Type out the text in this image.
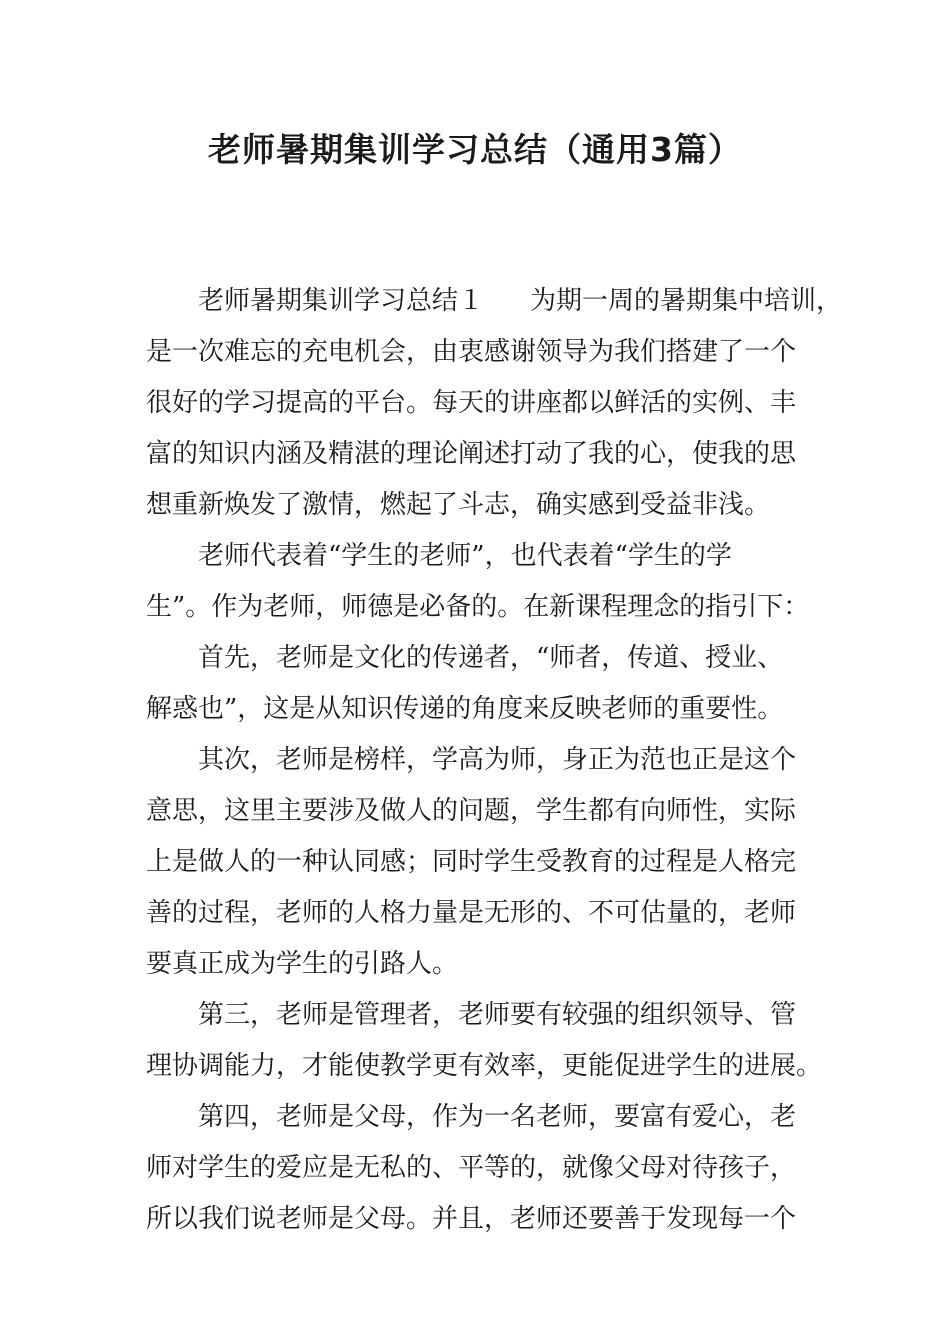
老师暑期集训学习总结（通用3篇）

老师暑期集训学习总结１ 为期一周的暑期集中培训，
是一次难忘的充电机会，由衷感谢领导为我们搭建了一个
很好的学习提高的平台。每天的讲座都以鲜活的实例、丰
富的知识内涵及精湛的理论阐述打动了我的心，使我的思
想重新焕发了激情，燃起了斗志，确实感到受益非浅。

老师代表着“学生的老师”，也代表着“学生的学
生”。作为老师，师德是必备的。在新课程理念的指引下：

首先，老师是文化的传递者，“师者，传道、授业、
解惑也”，这是从知识传递的角度来反映老师的重要性。

其次，老师是榜样，学高为师，身正为范也正是这个
意思，这里主要涉及做人的问题，学生都有向师性，实际
上是做人的一种认同感；同时学生受教育的过程是人格完
善的过程，老师的人格力量是无形的、不可估量的，老师
要真正成为学生的引路人。

第三，老师是管理者，老师要有较强的组织领导、管
理协调能力，才能使教学更有效率，更能促进学生的进展。

第四，老师是父母，作为一名老师，要富有爱心，老
师对学生的爱应是无私的、平等的，就像父母对待孩子，
所以我们说老师是父母。并且，老师还要善于发现每一个
